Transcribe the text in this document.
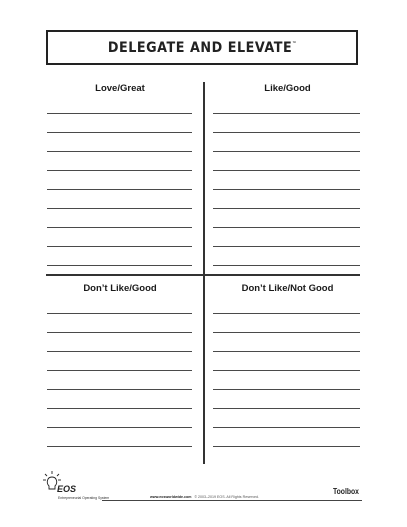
DELEGATE AND ELEVATE™
Love/Great	Like/Good
Don’t Like/Good	Don’t Like/Not Good
Entrepreneurial Operating System
EOS
www.eosworldwide.com © 2003–2019 EOS. All Rights Reserved.
Toolbox
